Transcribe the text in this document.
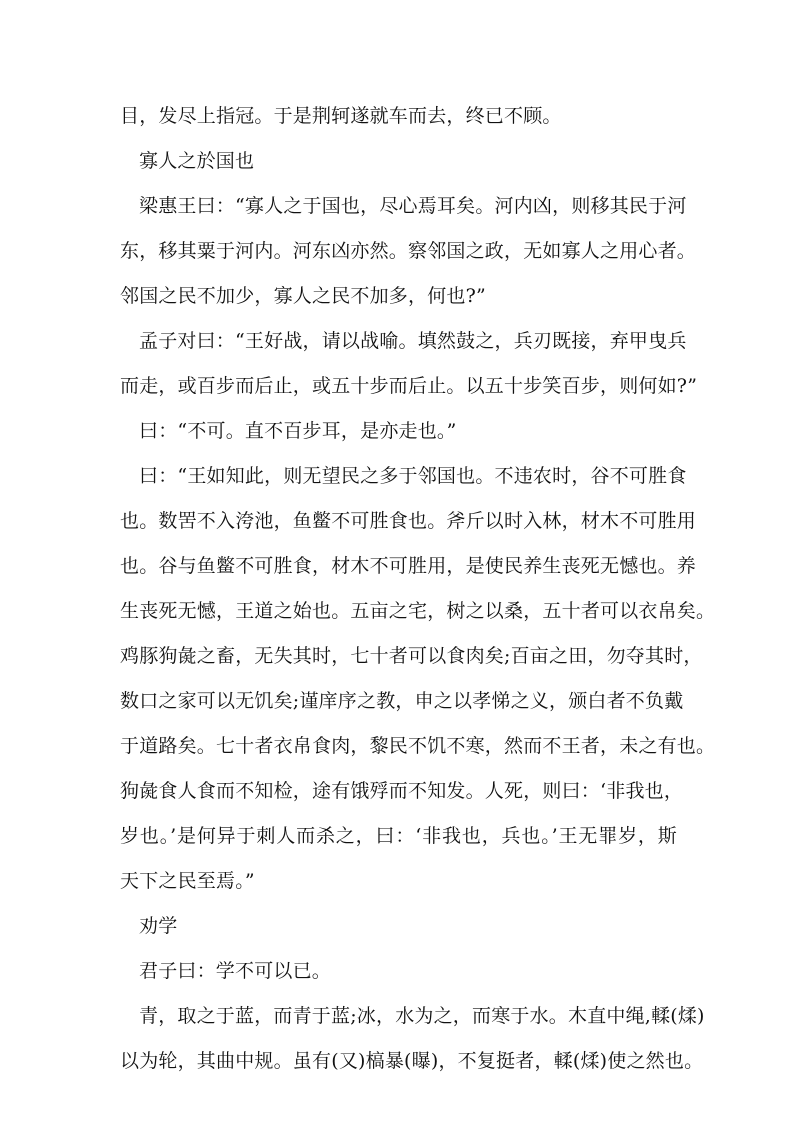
目，发尽上指冠。于是荆轲遂就车而去，终已不顾。
寡人之於国也
梁惠王曰：“寡人之于国也，尽心焉耳矣。河内凶，则移其民于河
东，移其粟于河内。河东凶亦然。察邻国之政，无如寡人之用心者。
邻国之民不加少，寡人之民不加多，何也?”
孟子对曰：“王好战，请以战喻。填然鼓之，兵刃既接，弃甲曳兵
而走，或百步而后止，或五十步而后止。以五十步笑百步，则何如?”
曰：“不可。直不百步耳，是亦走也。”
曰：“王如知此，则无望民之多于邻国也。不违农时，谷不可胜食
也。数罟不入洿池，鱼鳖不可胜食也。斧斤以时入林，材木不可胜用
也。谷与鱼鳖不可胜食，材木不可胜用，是使民养生丧死无憾也。养
生丧死无憾，王道之始也。五亩之宅，树之以桑，五十者可以衣帛矣。
鸡豚狗彘之畜，无失其时，七十者可以食肉矣;百亩之田，勿夺其时，
数口之家可以无饥矣;谨庠序之教，申之以孝悌之义，颁白者不负戴
于道路矣。七十者衣帛食肉，黎民不饥不寒，然而不王者，未之有也。
狗彘食人食而不知检，途有饿殍而不知发。人死，则曰：‘非我也，
岁也。’是何异于刺人而杀之，曰：‘非我也，兵也。’王无罪岁，斯
天下之民至焉。”
劝学
君子曰：学不可以已。
青，取之于蓝，而青于蓝;冰，水为之，而寒于水。木直中绳,輮(煣)
以为轮，其曲中规。虽有(又)槁暴(曝)，不复挺者，輮(煣)使之然也。
